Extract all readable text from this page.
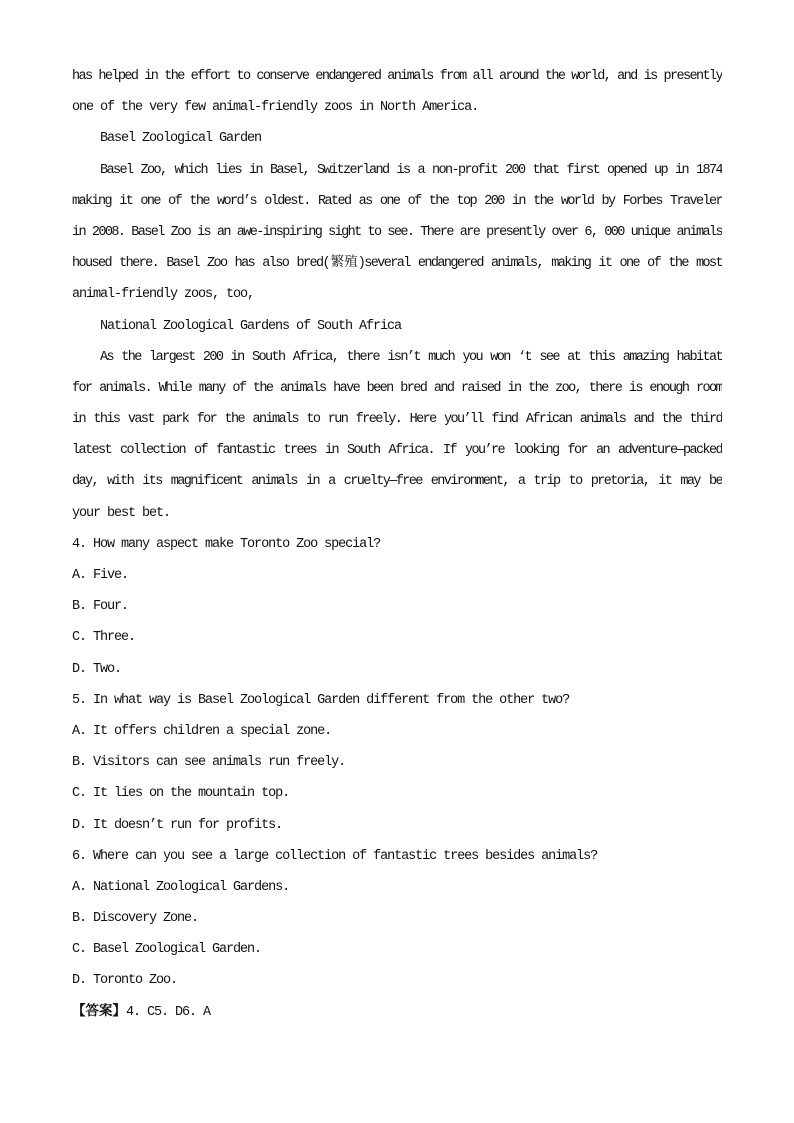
has helped in the effort to conserve endangered animals from all around the world, and is presently
one of the very few animal-friendly zoos in North America.
Basel Zoological Garden
Basel Zoo, which lies in Basel, Switzerland is a non-profit 200 that first opened up in 1874
making it one of the word’s oldest. Rated as one of the top 200 in the world by Forbes Traveler
in 2008. Basel Zoo is an awe-inspiring sight to see. There are presently over 6, 000 unique animals
housed there. Basel Zoo has also bred(繁殖)several endangered animals, making it one of the most
animal-friendly zoos, too,
National Zoological Gardens of South Africa
As the largest 200 in South Africa, there isn’t much you won ‘t see at this amazing habitat
for animals. While many of the animals have been bred and raised in the zoo, there is enough room
in this vast park for the animals to run freely. Here you’ll find African animals and the third
latest collection of fantastic trees in South Africa. If you’re looking for an adventure—packed
day, with its magnificent animals in a cruelty—free environment, a trip to pretoria, it may be
your best bet.
4. How many aspect make Toronto Zoo special?
A. Five.
B. Four.
C. Three.
D. Two.
5. In what way is Basel Zoological Garden different from the other two?
A. It offers children a special zone.
B. Visitors can see animals run freely.
C. It lies on the mountain top.
D. It doesn’t run for profits.
6. Where can you see a large collection of fantastic trees besides animals?
A. National Zoological Gardens.
B. Discovery Zone.
C. Basel Zoological Garden.
D. Toronto Zoo.
【答案】4. C5. D6. A
